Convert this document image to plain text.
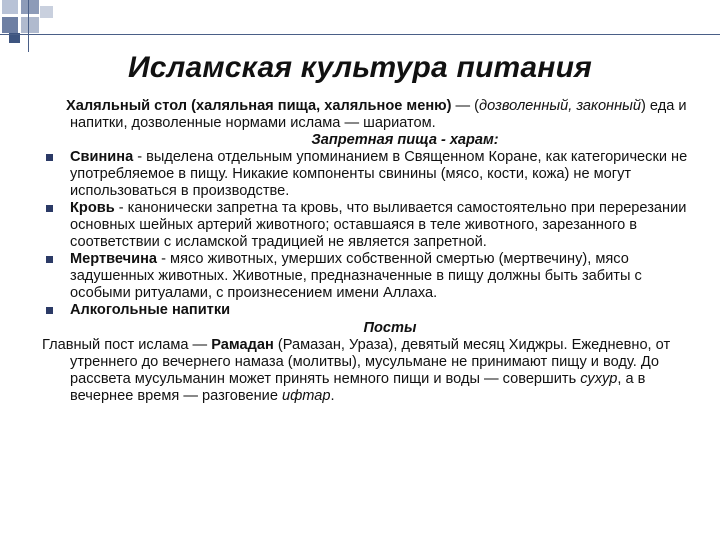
Исламская культура питания

Халяльный стол (халяльная пища, халяльное меню) — (дозволенный, законный) еда и напитки, дозволенные нормами ислама — шариатом.

Запретная пища - харам:

Свинина - выделена отдельным упоминанием в Священном Коране, как категорически не употребляемое в пищу. Никакие компоненты свинины (мясо, кости, кожа) не могут использоваться в производстве.
Кровь - канонически запретна та кровь, что выливается самостоятельно при перерезании основных шейных артерий животного; оставшаяся в теле животного, зарезанного в соответствии с исламской традицией не является запретной.
Мертвечина - мясо животных, умерших собственной смертью (мертвечину), мясо задушенных животных. Животные, предназначенные в пищу должны быть забиты с особыми ритуалами, с произнесением имени Аллаха.
Алкогольные напитки

Посты

Главный пост ислама — Рамадан (Рамазан, Ураза), девятый месяц Хиджры. Ежедневно, от утреннего до вечернего намаза (молитвы), мусульмане не принимают пищу и воду. До рассвета мусульманин может принять немного пищи и воды — совершить сухур, а в вечернее время — разговение ифтар.
